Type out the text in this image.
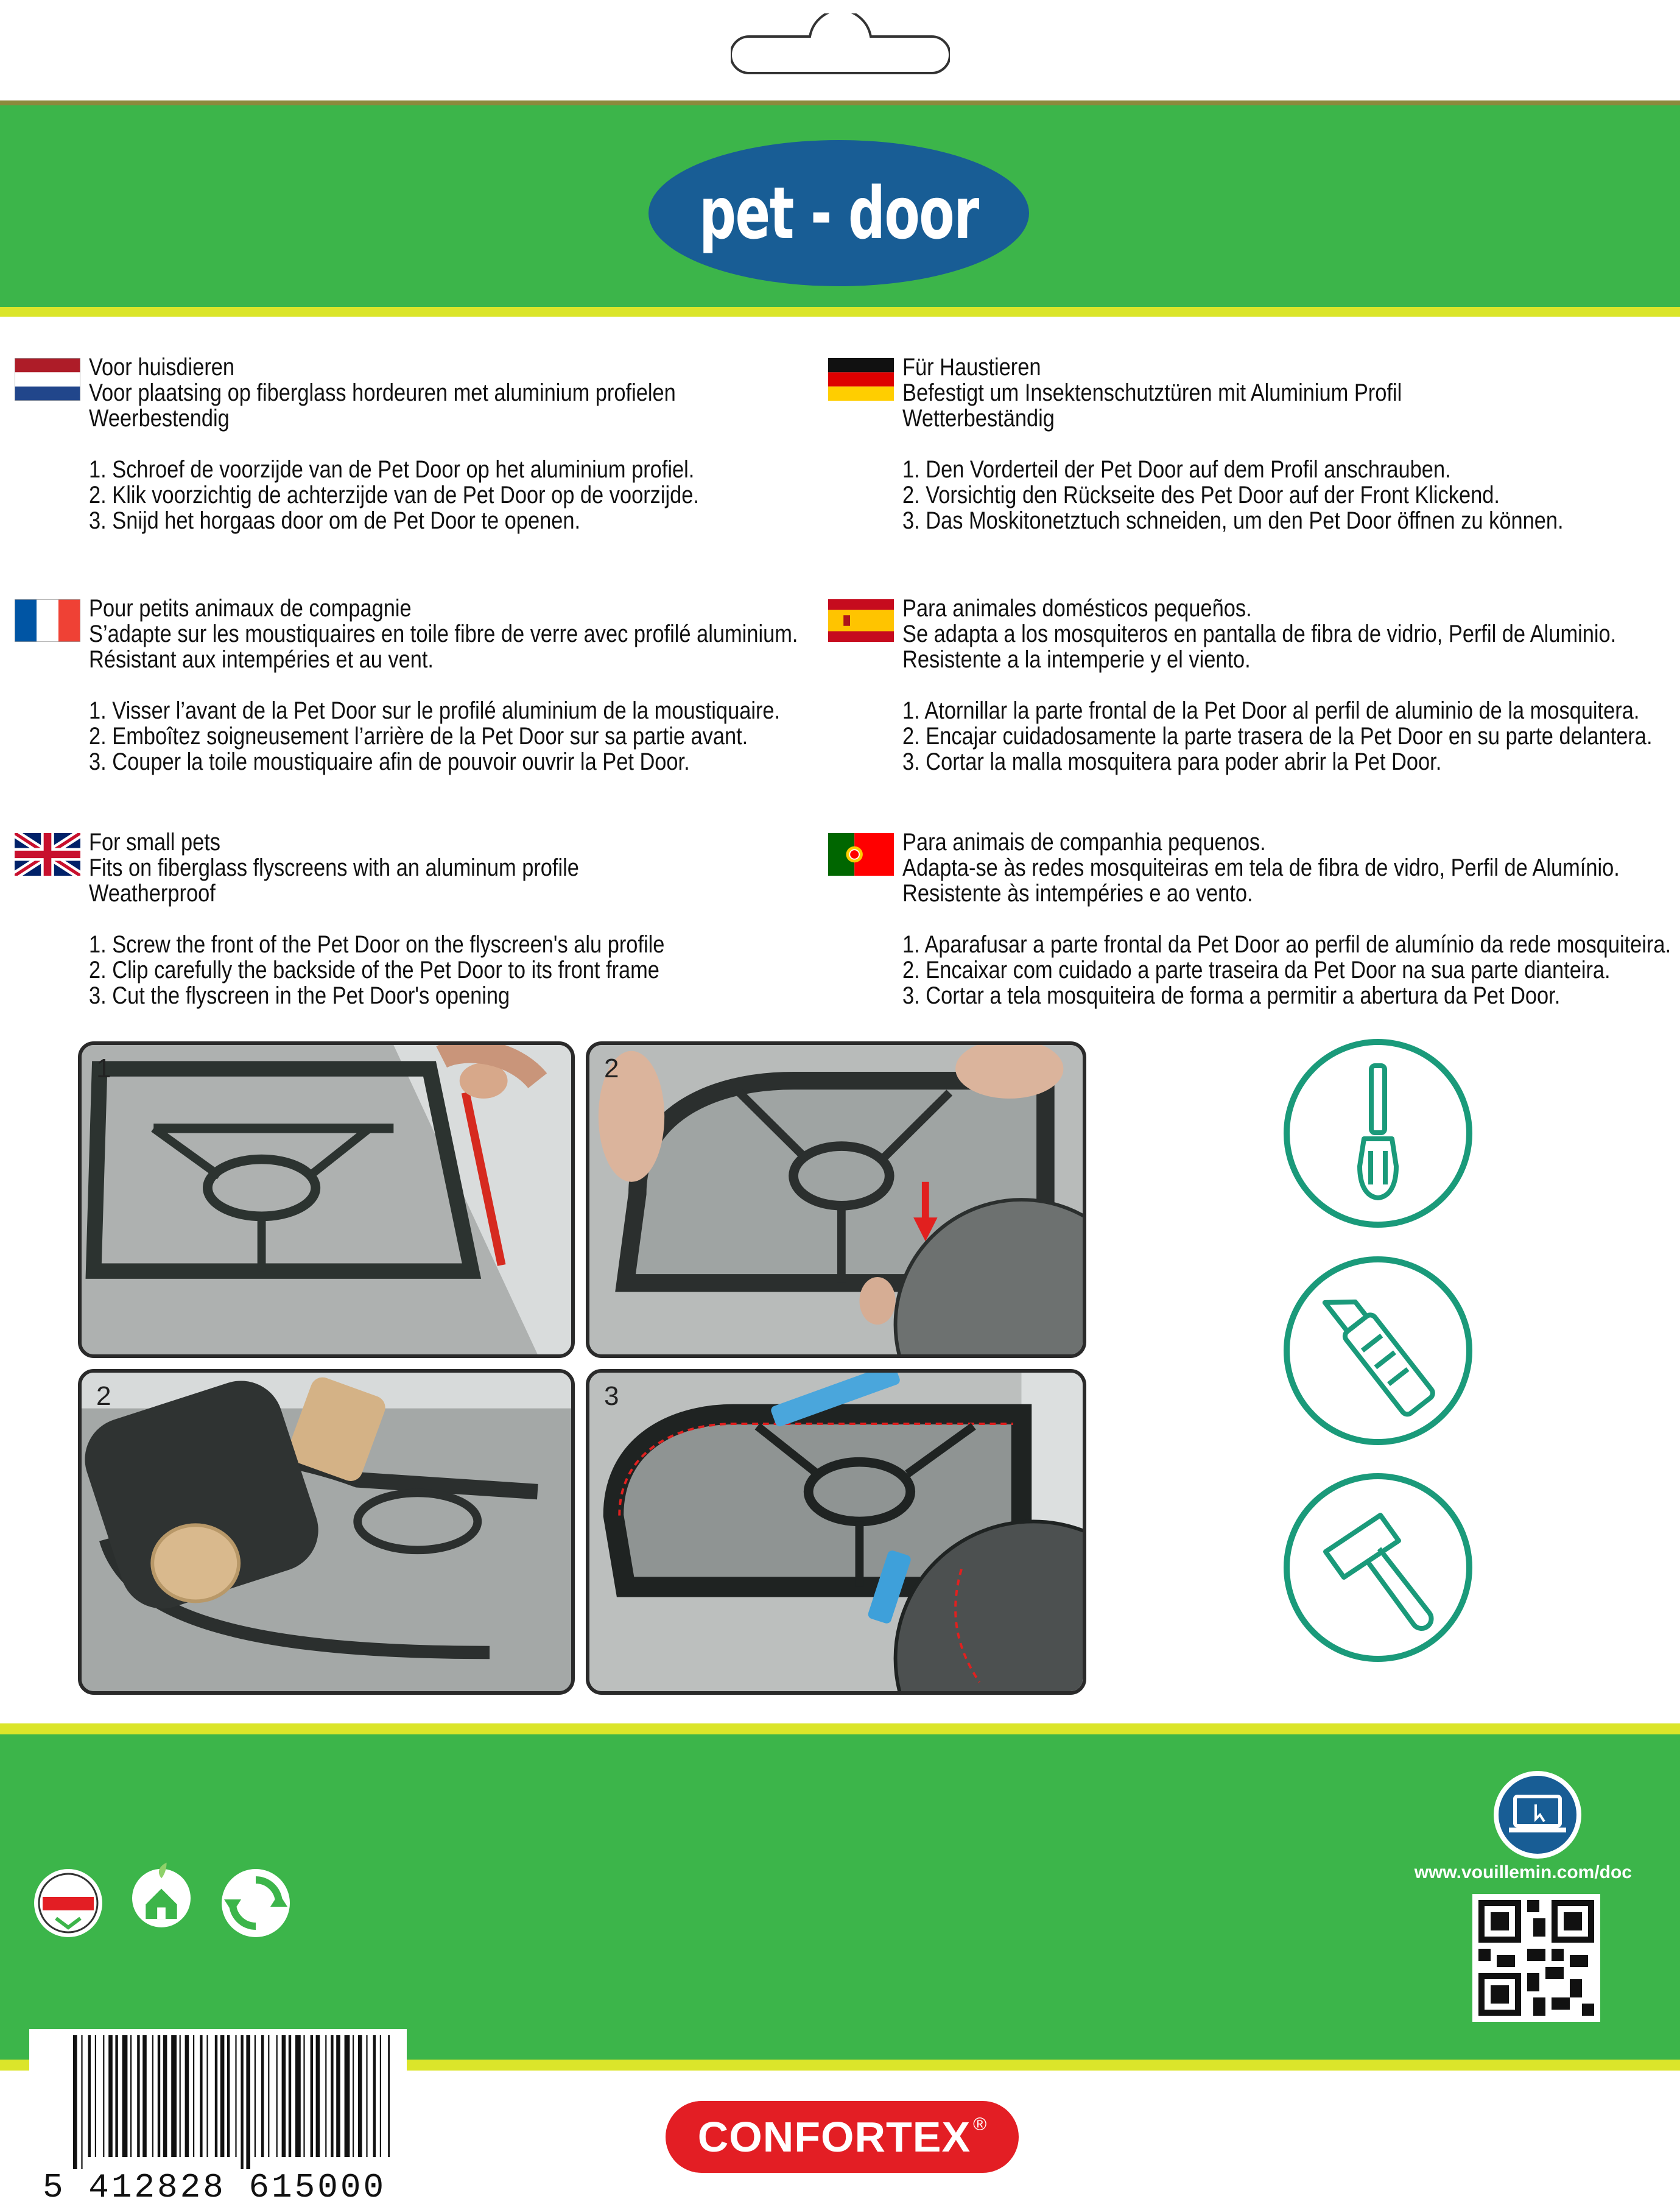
pet - door
Voor huisdieren
Voor plaatsing op fiberglass hordeuren met aluminium profielen
Weerbestendig
1. Schroef de voorzijde van de Pet Door op het aluminium profiel.
2. Klik voorzichtig de achterzijde van de Pet Door op de voorzijde.
3. Snijd het horgaas door om de Pet Door te openen.
Für Haustieren
Befestigt um Insektenschutztüren mit Aluminium Profil
Wetterbeständig
1. Den Vorderteil der Pet Door auf dem Profil anschrauben.
2. Vorsichtig den Rückseite des Pet Door auf der Front Klickend.
3. Das Moskitonetztuch schneiden, um den Pet Door öffnen zu können.
Pour petits animaux de compagnie
S’adapte sur les moustiquaires en toile fibre de verre avec profilé aluminium.
Résistant aux intempéries et au vent.
1. Visser l’avant de la Pet Door sur le profilé aluminium de la moustiquaire.
2. Emboîtez soigneusement l’arrière de la Pet Door sur sa partie avant.
3. Couper la toile moustiquaire afin de pouvoir ouvrir la Pet Door.
Para animales domésticos pequeños.
Se adapta a los mosquiteros en pantalla de fibra de vidrio, Perfil de Aluminio.
Resistente a la intemperie y el viento.
1. Atornillar la parte frontal de la Pet Door al perfil de aluminio de la mosquitera.
2. Encajar cuidadosamente la parte trasera de la Pet Door en su parte delantera.
3. Cortar la malla mosquitera para poder abrir la Pet Door.
For small pets
Fits on fiberglass flyscreens with an aluminum profile
Weatherproof
1. Screw the front of the Pet Door on the flyscreen's alu profile
2. Clip carefully the backside of the Pet Door to its front frame
3. Cut the flyscreen in the Pet Door's opening
Para animais de companhia pequenos.
Adapta-se às redes mosquiteiras em tela de fibra de vidro, Perfil de Alumínio.
Resistente às intempéries e ao vento.
1. Aparafusar a parte frontal da Pet Door ao perfil de alumínio da rede mosquiteira.
2. Encaixar com cuidado a parte traseira da Pet Door na sua parte dianteira.
3. Cortar a tela mosquiteira de forma a permitir a abertura da Pet Door.
1	2
2	3
www.vouillemin.com/doc
5 412828 615000
CONFORTEX ®
